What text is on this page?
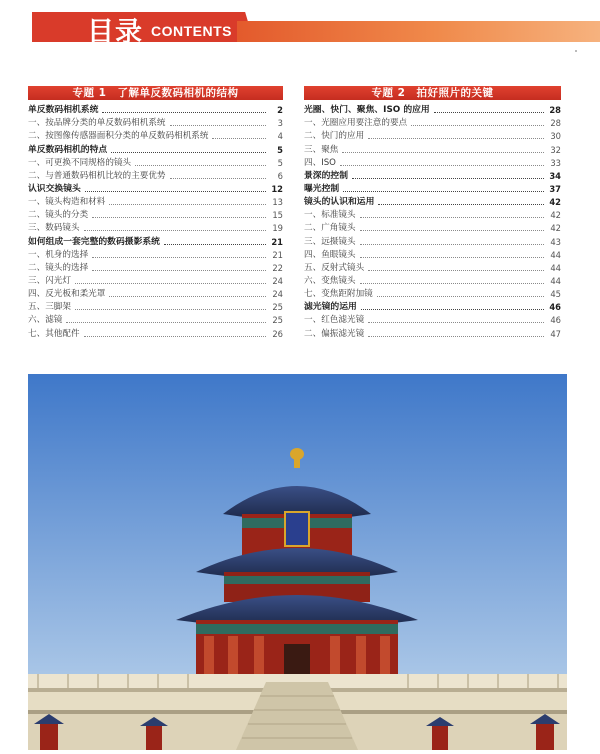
目录 CONTENTS
专题 1　了解单反数码相机的结构
单反数码相机系统	2
一、按品牌分类的单反数码相机系统	3
二、按图像传感器面积分类的单反数码相机系统	4
单反数码相机的特点	5
一、可更换不同规格的镜头	5
二、与普通数码相机比较的主要优势	6
认识交换镜头	12
一、镜头构造和材料	13
二、镜头的分类	15
三、数码镜头	19
如何组成一套完整的数码摄影系统	21
一、机身的选择	21
二、镜头的选择	22
三、闪光灯	24
四、反光板和柔光罩	24
五、三脚架	25
六、滤镜	25
七、其他配件	26
专题 2　拍好照片的关键
光圈、快门、聚焦、ISO 的应用	28
一、光圈应用要注意的要点	28
二、快门的应用	30
三、聚焦	32
四、ISO	33
景深的控制	34
曝光控制	37
镜头的认识和运用	42
一、标准镜头	42
二、广角镜头	42
三、远摄镜头	43
四、鱼眼镜头	44
五、反射式镜头	44
六、变焦镜头	44
七、变焦距附加镜	45
滤光镜的运用	46
一、红色滤光镜	46
二、偏振滤光镜	47
